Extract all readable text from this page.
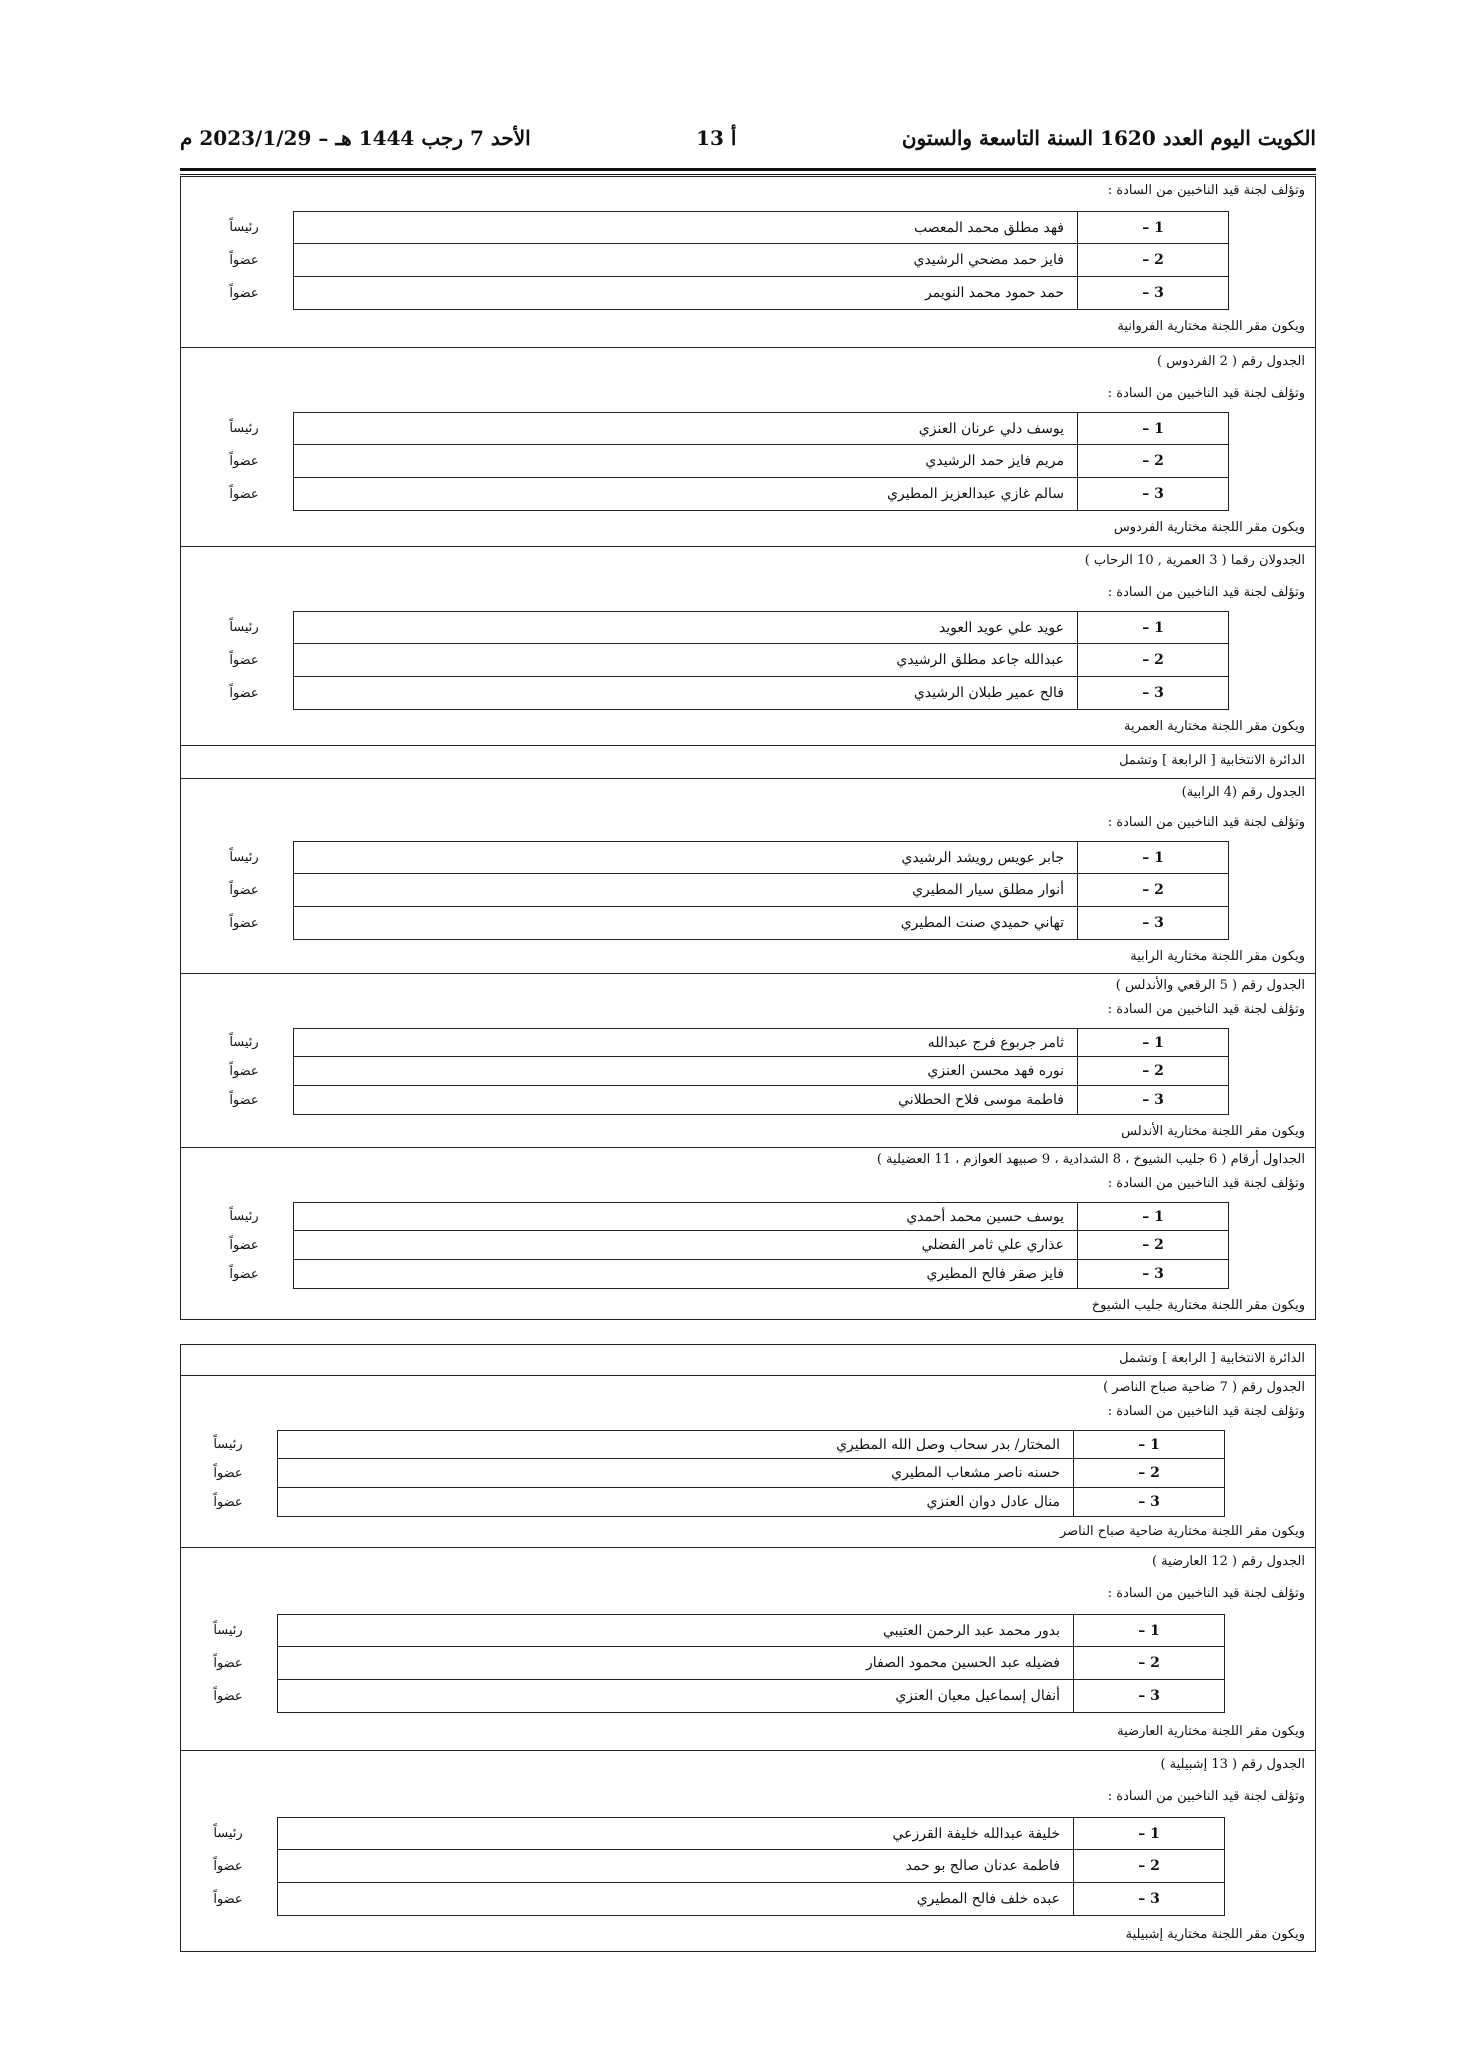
الكويت اليوم العدد 1620 السنة التاسعة والستون
أ 13
الأحد 7 رجب 1444 هـ – 2023/1/29 م
وتؤلف لجنة قيد الناخبين من السادة :
1 –
فهد مطلق محمد المعصب
رئيساً
2 –
فايز حمد مضحي الرشيدي
عضواً
3 –
حمد حمود محمد النويمر
عضواً
ويكون مقر اللجنة مختارية الفروانية
الجدول رقم ( 2 الفردوس )
وتؤلف لجنة قيد الناخبين من السادة :
1 –
يوسف دلي عرنان العنزي
رئيساً
2 –
مريم فايز حمد الرشيدي
عضواً
3 –
سالم غازي عبدالعزيز المطيري
عضواً
ويكون مقر اللجنة مختارية الفردوس
الجدولان رقما ( 3 العمرية , 10 الرحاب )
وتؤلف لجنة قيد الناخبين من السادة :
1 –
عويد علي عويد العويد
رئيساً
2 –
عبدالله جاعد مطلق الرشيدي
عضواً
3 –
فالح عمير طبلان الرشيدي
عضواً
ويكون مقر اللجنة مختارية العمرية
الدائرة الانتخابية [ الرابعة ] وتشمل
الجدول رقم (4 الرابية)
وتؤلف لجنة قيد الناخبين من السادة :
1 –
جابر عويس رويشد الرشيدي
رئيساً
2 –
أنوار مطلق سيار المطيري
عضواً
3 –
تهاني حميدي صنت المطيري
عضواً
ويكون مقر اللجنة مختارية الرابية
الجدول رقم ( 5 الرقعي والأندلس )
وتؤلف لجنة قيد الناخبين من السادة :
1 –
ثامر جربوع فرج عبدالله
رئيساً
2 –
نوره فهد محسن العنزي
عضواً
3 –
فاطمة موسى فلاح الحطلاني
عضواً
ويكون مقر اللجنة مختارية الأندلس
الجداول أرقام ( 6 جليب الشيوخ ، 8 الشدادية ، 9 صبيهد العوازم ، 11 العضيلية )
وتؤلف لجنة قيد الناخبين من السادة :
1 –
يوسف حسين محمد أحمدي
رئيساً
2 –
عذاري علي ثامر الفضلي
عضواً
3 –
فايز صقر فالح المطيري
عضواً
ويكون مقر اللجنة مختارية جليب الشيوخ
الدائرة الانتخابية [ الرابعة ] وتشمل
الجدول رقم ( 7 ضاحية صباح الناصر )
وتؤلف لجنة قيد الناخبين من السادة :
1 –
المختار/ بدر سحاب وصل الله المطيري
رئيساً
2 –
حسنه ناصر مشعاب المطيري
عضواً
3 –
منال عادل دوان العنزي
عضواً
ويكون مقر اللجنة مختارية ضاحية صباح الناصر
الجدول رقم ( 12 العارضية )
وتؤلف لجنة قيد الناخبين من السادة :
1 –
بدور محمد عبد الرحمن العتيبي
رئيساً
2 –
فضيله عبد الحسين محمود الصفار
عضواً
3 –
أنفال إسماعيل معيان العنزي
عضواً
ويكون مقر اللجنة مختارية العارضية
الجدول رقم ( 13 إشبيلية )
وتؤلف لجنة قيد الناخبين من السادة :
1 –
خليفة عبدالله خليفة القرزعي
رئيساً
2 –
فاطمة عدنان صالح بو حمد
عضواً
3 –
عبده خلف فالح المطيري
عضواً
ويكون مقر اللجنة مختارية إشبيلية
